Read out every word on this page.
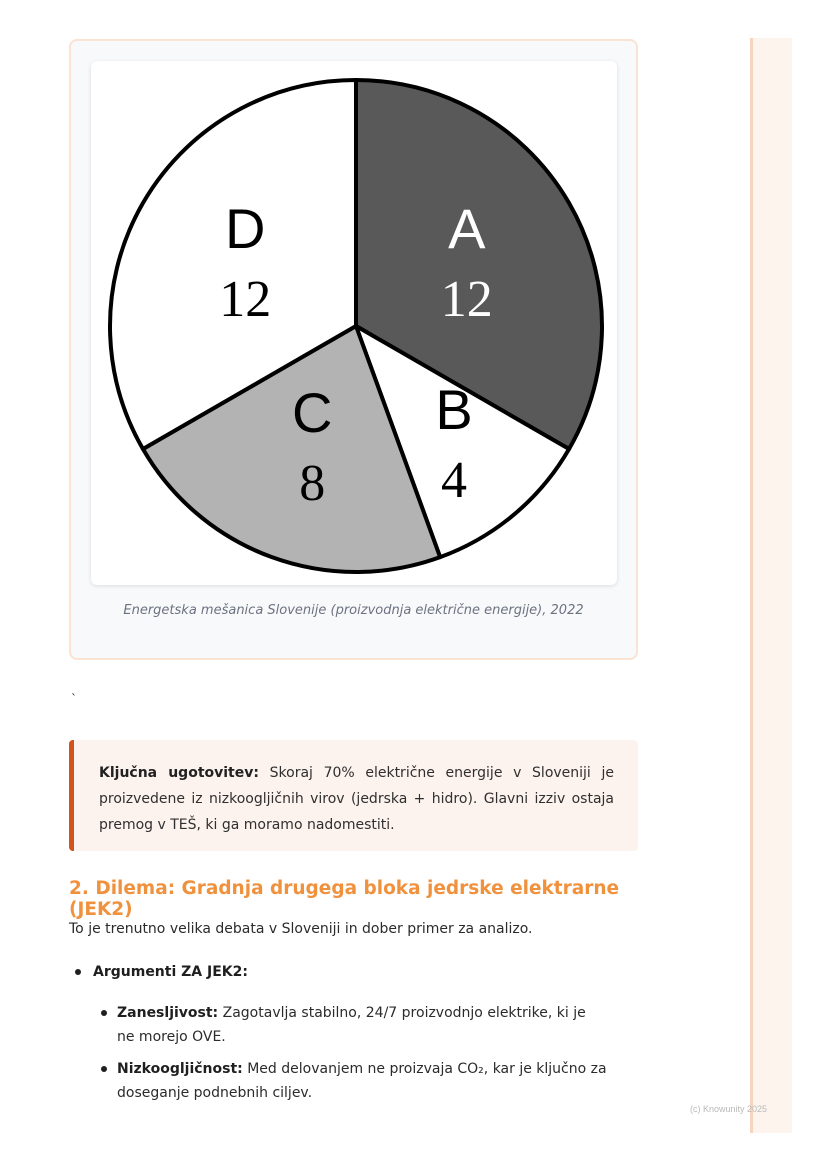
A
12
B
4
C
8
D
12
Energetska mešanica Slovenije (proizvodnja električne energije), 2022
`
Ključna ugotovitev: Skoraj 70% električne energije v Sloveniji je proizvedene iz nizkoogljičnih virov (jedrska + hidro). Glavni izziv ostaja premog v TEŠ, ki ga moramo nadomestiti.
2. Dilema: Gradnja drugega bloka jedrske elektrarne (JEK2)
To je trenutno velika debata v Sloveniji in dober primer za analizo.
Argumenti ZA JEK2:
Zanesljivost: Zagotavlja stabilno, 24/7 proizvodnjo elektrike, ki je ne morejo OVE.
Nizkoogljičnost: Med delovanjem ne proizvaja CO₂, kar je ključno za doseganje podnebnih ciljev.
(c) Knowunity 2025
